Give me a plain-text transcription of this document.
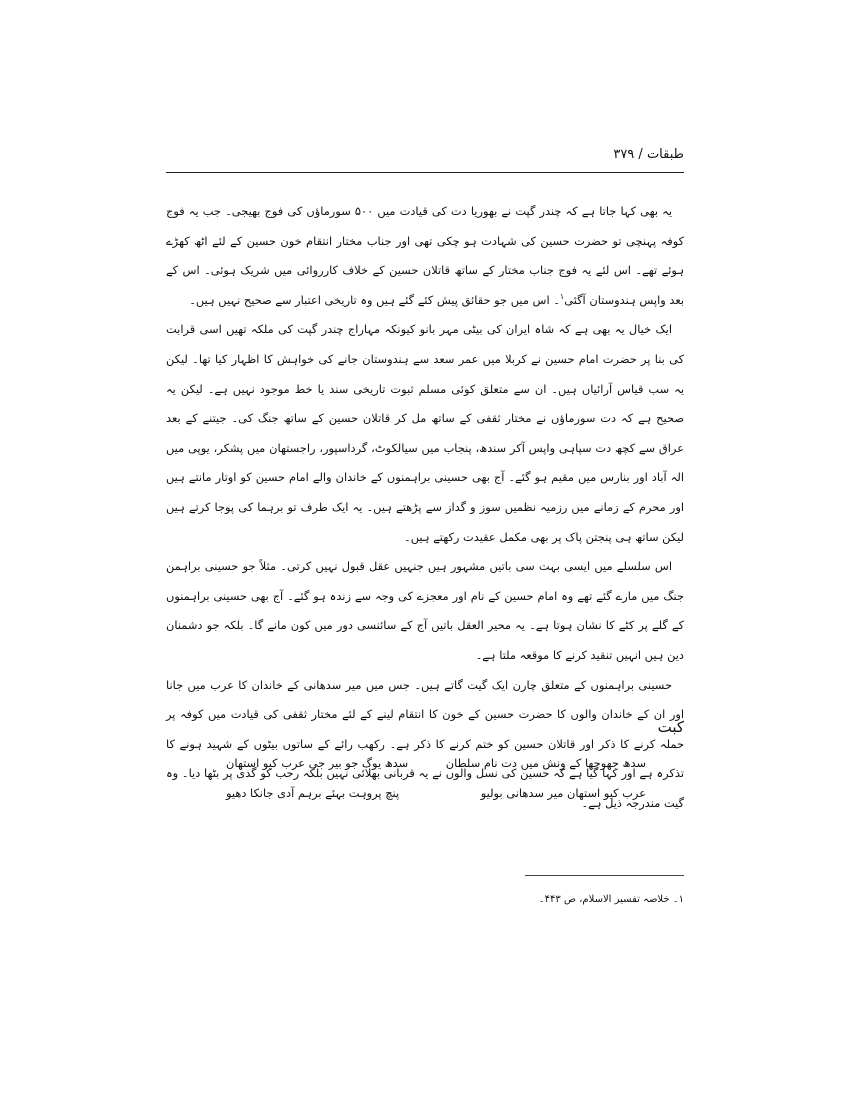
طبقات / ۳۷۹

یہ بھی کہا جاتا ہے کہ چندر گپت نے بھوریا دت کی قیادت میں ۵۰۰ سورماؤں کی فوج بھیجی۔ جب یہ فوج کوفہ پہنچی تو حضرت حسین کی شہادت ہو چکی تھی اور جناب مختار انتقام خون حسین کے لئے اٹھ کھڑے ہوئے تھے۔ اس لئے یہ فوج جناب مختار کے ساتھ قاتلان حسین کے خلاف کارروائی میں شریک ہوئی۔ اس کے بعد واپس ہندوستان آگئی$^۱$۔ اس میں جو حقائق پیش کئے گئے ہیں وہ تاریخی اعتبار سے صحیح نہیں ہیں۔

ایک خیال یہ بھی ہے کہ شاہ ایران کی بیٹی مہر بانو کیونکہ مہاراج چندر گپت کی ملکہ تھیں اسی قرابت کی بنا پر حضرت امام حسین نے کربلا میں عمر سعد سے ہندوستان جانے کی خواہش کا اظہار کیا تھا۔ لیکن یہ سب قیاس آرائیاں ہیں۔ ان سے متعلق کوئی مسلم ثبوت تاریخی سند یا خط موجود نہیں ہے۔ لیکن یہ صحیح ہے کہ دت سورماؤں نے مختار ثقفی کے ساتھ مل کر قاتلان حسین کے ساتھ جنگ کی۔ جیتنے کے بعد عراق سے کچھ دت سپاہی واپس آکر سندھ، پنجاب میں سیالکوٹ، گرداسپور، راجستھان میں پشکر، یوپی میں الہ آباد اور بنارس میں مقیم ہو گئے۔ آج بھی حسینی براہمنوں کے خاندان والے امام حسین کو اوتار مانتے ہیں اور محرم کے زمانے میں رزمیہ نظمیں سوز و گداز سے پڑھتے ہیں۔ یہ ایک طرف تو برہما کی پوجا کرتے ہیں لیکن ساتھ ہی پنجتن پاک پر بھی مکمل عقیدت رکھتے ہیں۔

اس سلسلے میں ایسی بہت سی باتیں مشہور ہیں جنہیں عقل قبول نہیں کرتی۔ مثلاً جو حسینی براہمن جنگ میں مارے گئے تھے وہ امام حسین کے نام اور معجزے کی وجہ سے زندہ ہو گئے۔ آج بھی حسینی براہمنوں کے گلے پر کٹے کا نشان ہوتا ہے۔ یہ محیر العقل باتیں آج کے سائنسی دور میں کون مانے گا۔ بلکہ جو دشمنان دین ہیں انہیں تنقید کرنے کا موقعہ ملتا ہے۔

حسینی براہمنوں کے متعلق چارن ایک گیت گاتے ہیں۔ جس میں میر سدھانی کے خاندان کا عرب میں جانا اور ان کے خاندان والوں کا حضرت حسین کے خون کا انتقام لینے کے لئے مختار ثقفی کی قیادت میں کوفہ پر حملہ کرنے کا ذکر اور قاتلان حسین کو ختم کرنے کا ذکر ہے۔ رکھب رائے کے ساتوں بیٹوں کے شہید ہونے کا تذکرہ ہے اور کہا گیا ہے کہ حسین کی نسل والوں نے یہ قربانی بھلائی نہیں بلکہ رحب کو گدی پر بٹھا دیا۔ وہ گیت مندرجہ ذیل ہے۔

کبت
سدھ جھوجھا کے ونش میں دت نام سلطان
سدھ یوگ جو بیر جی عرب کیو استھان
عرب کیو استھان میر سدھانی بولیو
پنچ پروہت بہئے برہم آدی جانکا دھیو
۱۔ خلاصہ تفسیر الاسلام، ص ۴۴۳۔
